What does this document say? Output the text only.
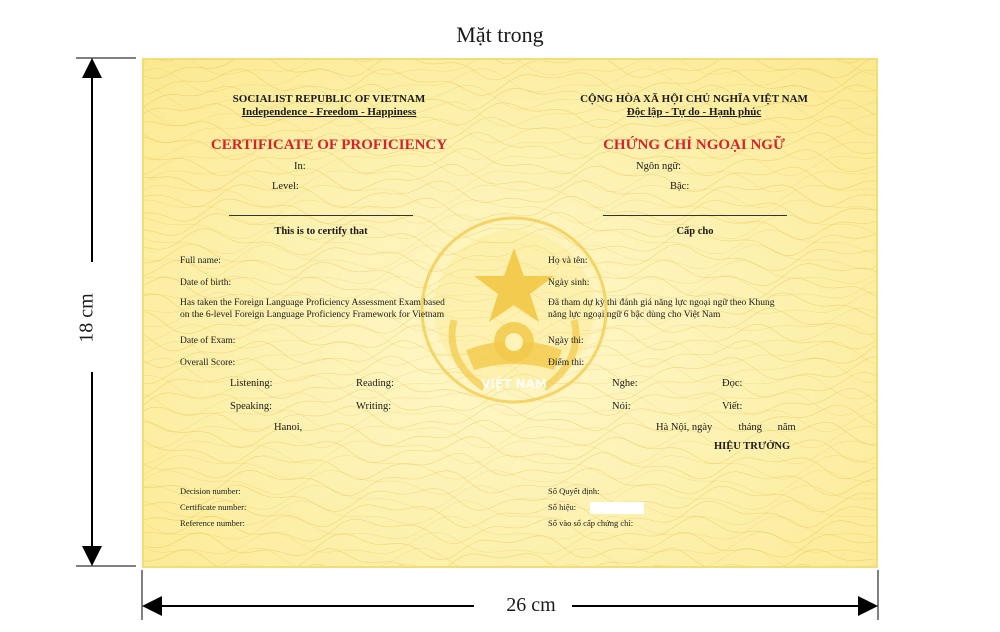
Mặt trong
18 cm
26 cm
VIỆT NAM
SOCIALIST REPUBLIC OF VIETNAM
Independence - Freedom - Happiness
CERTIFICATE OF PROFICIENCY
In:
Level:
This is to certify that
Full name:
Date of birth:
Has taken the Foreign Language Proficiency Assessment Exam based
on the 6-level Foreign Language Proficiency Framework for Vietnam
Date of Exam:
Overall Score:
Listening:	Reading:
Speaking:	Writing:
Hanoi,
Decision number:
Certificate number:
Reference number:
CỘNG HÒA XÃ HỘI CHỦ NGHĨA VIỆT NAM
Độc lập - Tự do - Hạnh phúc
CHỨNG CHỈ NGOẠI NGỮ
Ngôn ngữ:
Bậc:
Cấp cho
Họ và tên:
Ngày sinh:
Đã tham dự kỳ thi đánh giá năng lực ngoại ngữ theo Khung
năng lực ngoại ngữ 6 bậc dùng cho Việt Nam
Ngày thi:
Điểm thi:
Nghe:	Đọc:
Nói:	Viết:
Hà Nội, ngày          tháng      năm
HIỆU TRƯỞNG
Số Quyết định:
Số hiệu:
Số vào sổ cấp chứng chỉ:
